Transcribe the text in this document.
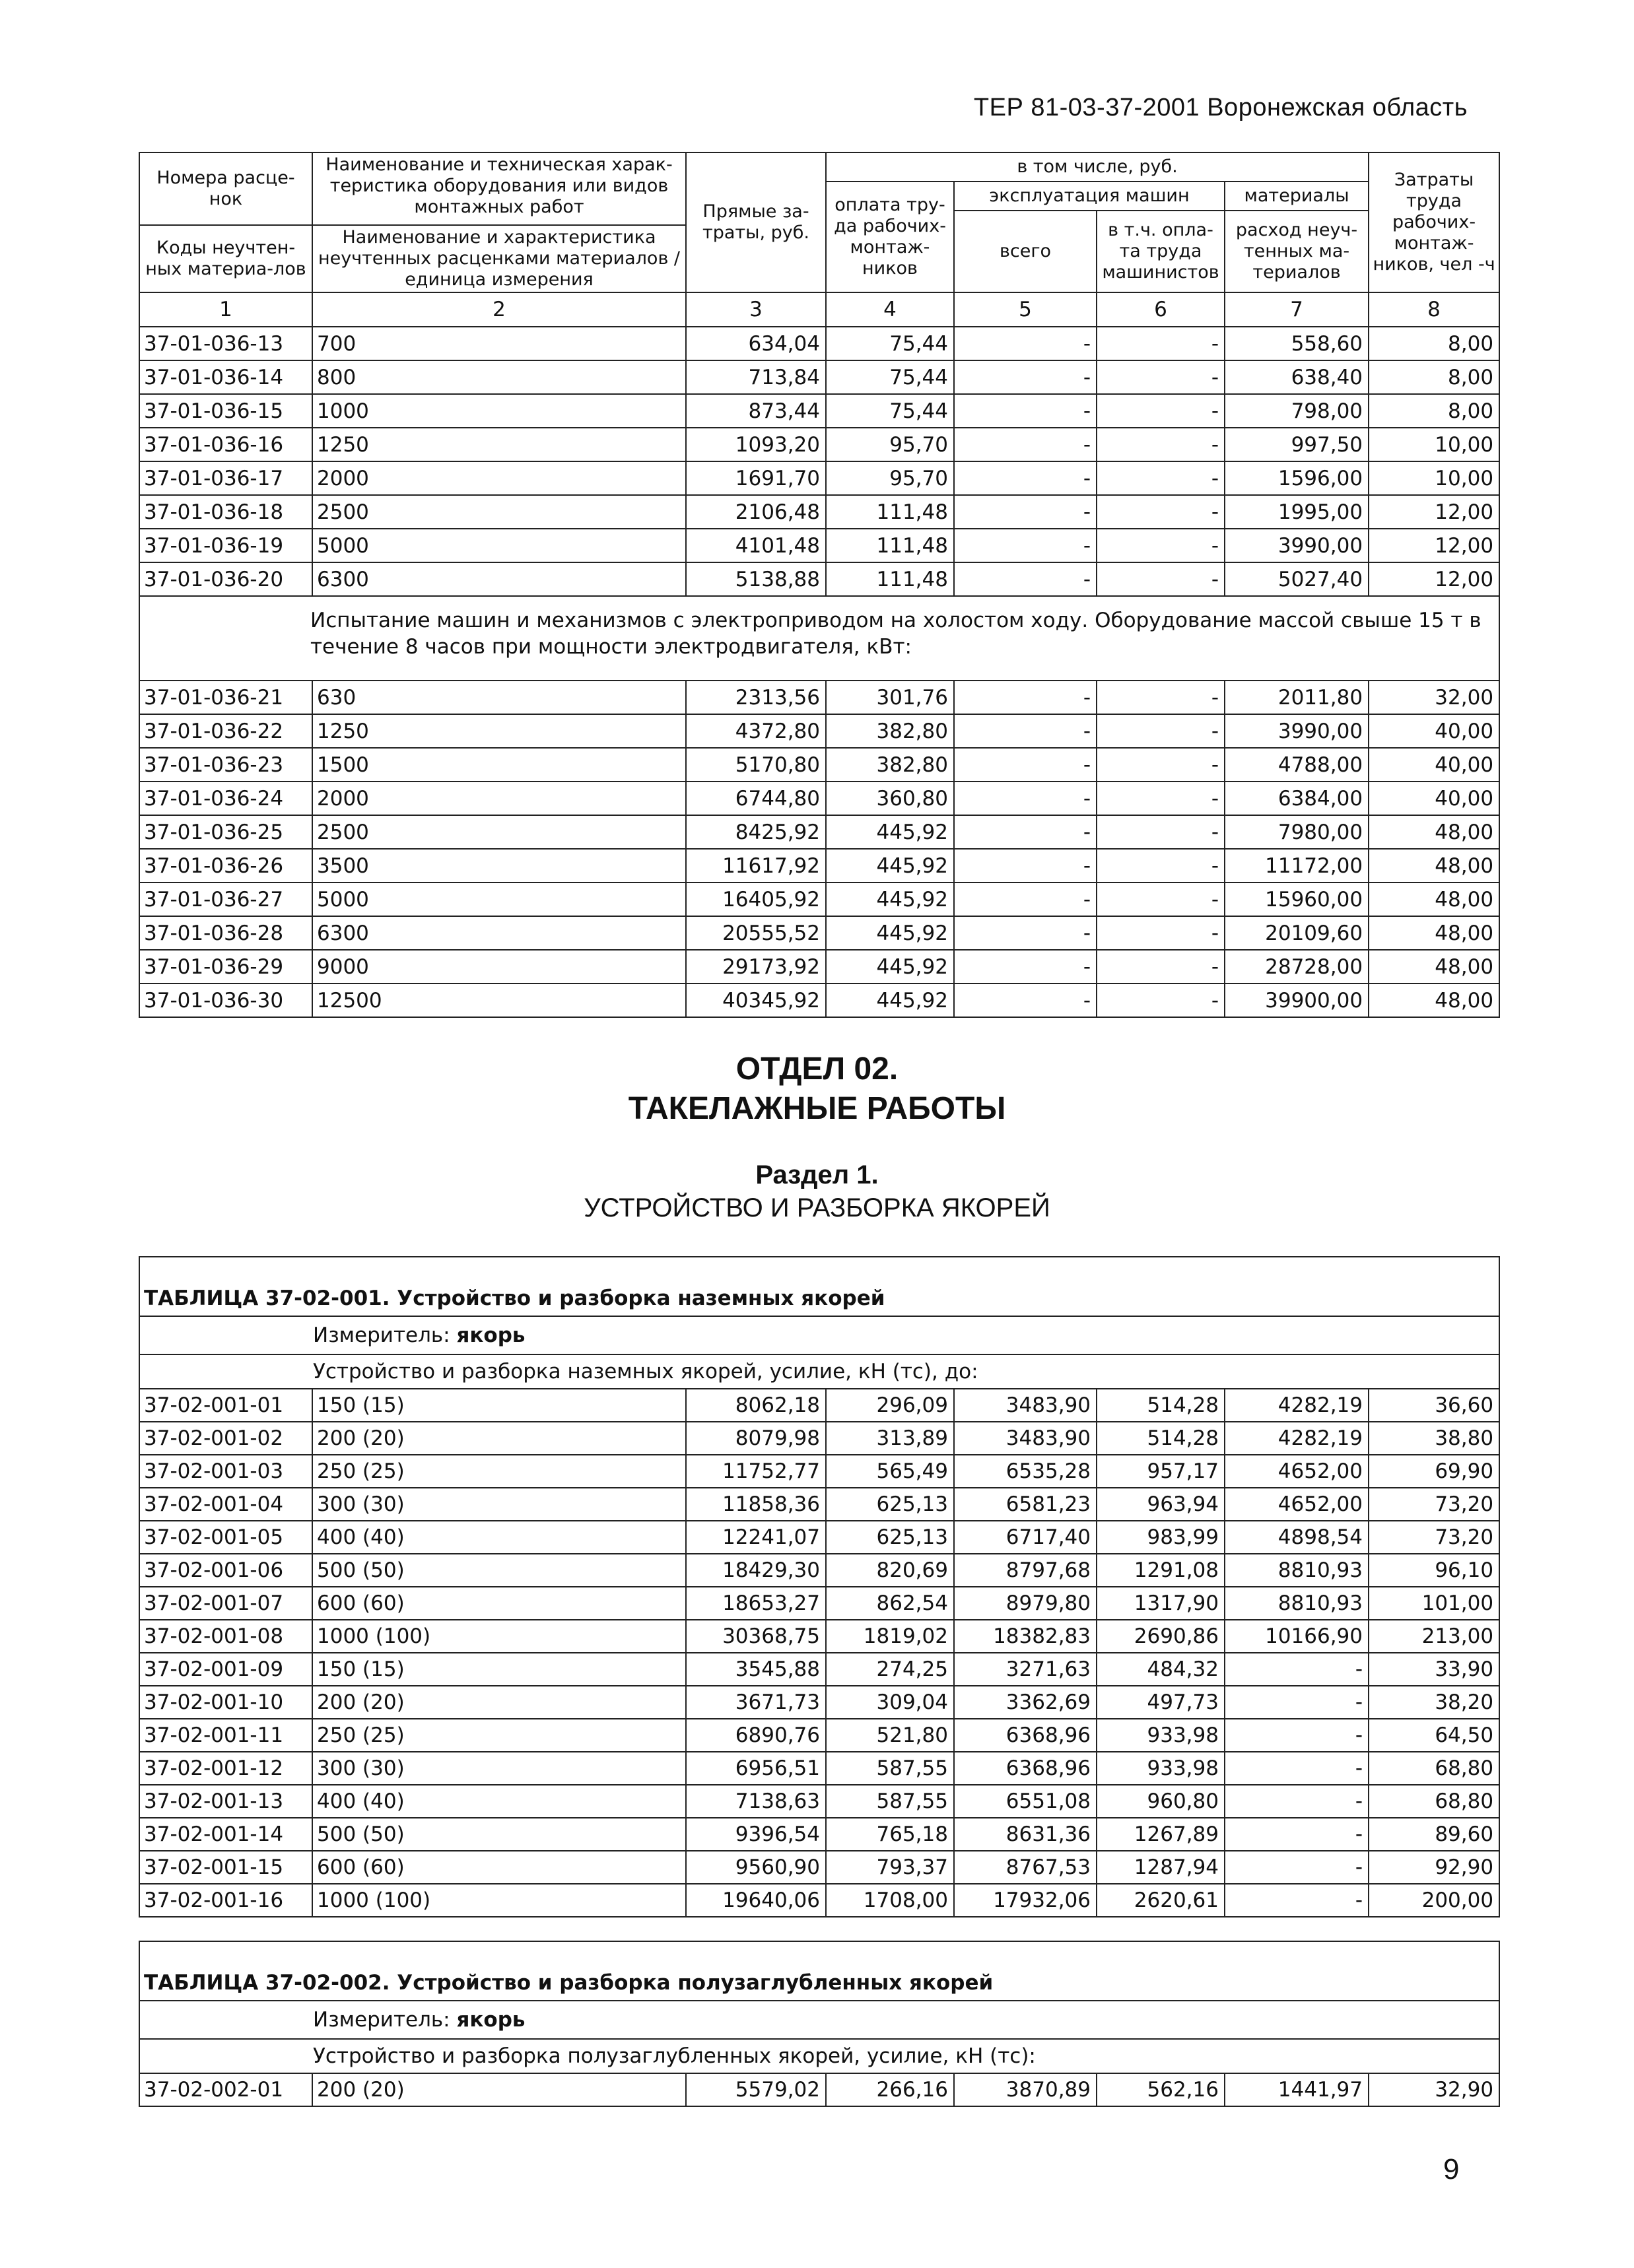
ТЕР 81-03-37-2001 Воронежская область
Номера расце-нок	Наименование и техническая харак-теристика оборудования или видов монтажных работ	Прямые за-траты, руб.	в том числе, руб.				Затраты труда рабочих-монтаж-ников, чел -ч
			оплата тру-да рабочих-монтаж-ников	эксплуатация машин		материалы	
				всего	в т.ч. опла-та труда машинистов	расход неуч-тенных ма-териалов	
Коды неучтен-ных материа-лов	Наименование и характеристика неучтенных расценками материалов / единица измерения						

1	2	3	4	5	6	7	8
37-01-036-13	700	634,04	75,44	-	-	558,60	8,00
37-01-036-14	800	713,84	75,44	-	-	638,40	8,00
37-01-036-15	1000	873,44	75,44	-	-	798,00	8,00
37-01-036-16	1250	1093,20	95,70	-	-	997,50	10,00
37-01-036-17	2000	1691,70	95,70	-	-	1596,00	10,00
37-01-036-18	2500	2106,48	111,48	-	-	1995,00	12,00
37-01-036-19	5000	4101,48	111,48	-	-	3990,00	12,00
37-01-036-20	6300	5138,88	111,48	-	-	5027,40	12,00
Испытание машин и механизмов с электроприводом на холостом ходу. Оборудование массой свыше 15 т в течение 8 часов при мощности электродвигателя, кВт:							
37-01-036-21	630	2313,56	301,76	-	-	2011,80	32,00
37-01-036-22	1250	4372,80	382,80	-	-	3990,00	40,00
37-01-036-23	1500	5170,80	382,80	-	-	4788,00	40,00
37-01-036-24	2000	6744,80	360,80	-	-	6384,00	40,00
37-01-036-25	2500	8425,92	445,92	-	-	7980,00	48,00
37-01-036-26	3500	11617,92	445,92	-	-	11172,00	48,00
37-01-036-27	5000	16405,92	445,92	-	-	15960,00	48,00
37-01-036-28	6300	20555,52	445,92	-	-	20109,60	48,00
37-01-036-29	9000	29173,92	445,92	-	-	28728,00	48,00
37-01-036-30	12500	40345,92	445,92	-	-	39900,00	48,00
ОТДЕЛ 02.
ТАКЕЛАЖНЫЕ РАБОТЫ
Раздел 1.
УСТРОЙСТВО И РАЗБОРКА ЯКОРЕЙ
ТАБЛИЦА 37-02-001. Устройство и разборка наземных якорей							
Измеритель: якорь							
Устройство и разборка наземных якорей, усилие, кН (тс), до:							
37-02-001-01	150 (15)	8062,18	296,09	3483,90	514,28	4282,19	36,60
37-02-001-02	200 (20)	8079,98	313,89	3483,90	514,28	4282,19	38,80
37-02-001-03	250 (25)	11752,77	565,49	6535,28	957,17	4652,00	69,90
37-02-001-04	300 (30)	11858,36	625,13	6581,23	963,94	4652,00	73,20
37-02-001-05	400 (40)	12241,07	625,13	6717,40	983,99	4898,54	73,20
37-02-001-06	500 (50)	18429,30	820,69	8797,68	1291,08	8810,93	96,10
37-02-001-07	600 (60)	18653,27	862,54	8979,80	1317,90	8810,93	101,00
37-02-001-08	1000 (100)	30368,75	1819,02	18382,83	2690,86	10166,90	213,00
37-02-001-09	150 (15)	3545,88	274,25	3271,63	484,32	-	33,90
37-02-001-10	200 (20)	3671,73	309,04	3362,69	497,73	-	38,20
37-02-001-11	250 (25)	6890,76	521,80	6368,96	933,98	-	64,50
37-02-001-12	300 (30)	6956,51	587,55	6368,96	933,98	-	68,80
37-02-001-13	400 (40)	7138,63	587,55	6551,08	960,80	-	68,80
37-02-001-14	500 (50)	9396,54	765,18	8631,36	1267,89	-	89,60
37-02-001-15	600 (60)	9560,90	793,37	8767,53	1287,94	-	92,90
37-02-001-16	1000 (100)	19640,06	1708,00	17932,06	2620,61	-	200,00
ТАБЛИЦА 37-02-002. Устройство и разборка полузаглубленных якорей
Измеритель: якорь
Устройство и разборка полузаглубленных якорей, усилие, кН (тс):
37-02-002-01	200 (20)	5579,02	266,16	3870,89	562,16	1441,97	32,90
9
